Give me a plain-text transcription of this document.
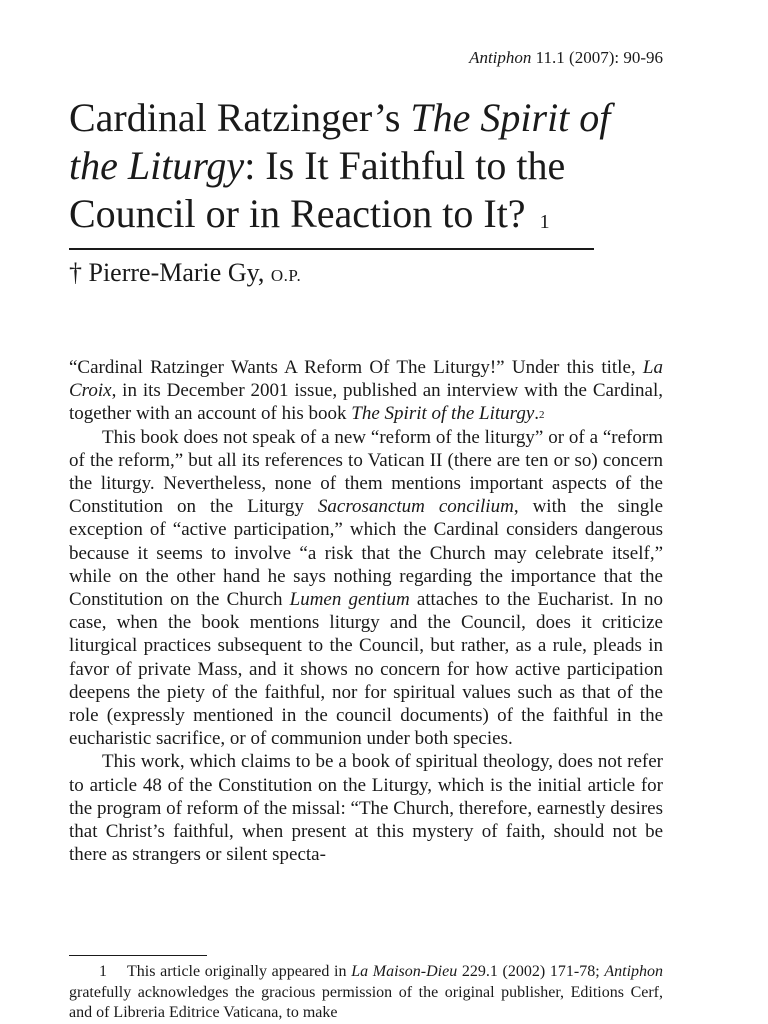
Antiphon 11.1 (2007): 90-96
Cardinal Ratzinger’s The Spirit of the Liturgy: Is It Faithful to the Council or in Reaction to It? $^1$
† Pierre-Marie Gy, O.P.

“Cardinal Ratzinger Wants A Reform Of The Liturgy!” Under this title, La Croix, in its December 2001 issue, published an interview with the Cardinal, together with an account of his book The Spirit of the Liturgy.$^2$

This book does not speak of a new “reform of the liturgy” or of a “reform of the reform,” but all its references to Vatican II (there are ten or so) concern the liturgy. Nevertheless, none of them mentions important aspects of the Constitution on the Liturgy Sacrosanctum concilium, with the single exception of “active participation,” which the Cardinal considers dangerous because it seems to involve “a risk that the Church may celebrate itself,” while on the other hand he says nothing regarding the importance that the Constitution on the Church Lumen gentium attaches to the Eucharist. In no case, when the book mentions liturgy and the Council, does it criticize liturgical practices subsequent to the Council, but rather, as a rule, pleads in favor of private Mass, and it shows no concern for how active participation deepens the piety of the faithful, nor for spiritual values such as that of the role (expressly mentioned in the council documents) of the faithful in the eucharistic sacrifice, or of communion under both species.

This work, which claims to be a book of spiritual theology, does not refer to article 48 of the Constitution on the Liturgy, which is the initial article for the program of reform of the missal: “The Church, therefore, earnestly desires that Christ’s faithful, when present at this mystery of faith, should not be there as strangers or silent specta-

1 This article originally appeared in La Maison-Dieu 229.1 (2002) 171-78; Antiphon gratefully acknowledges the gracious permission of the original publisher, Editions Cerf, and of Libreria Editrice Vaticana, to make
